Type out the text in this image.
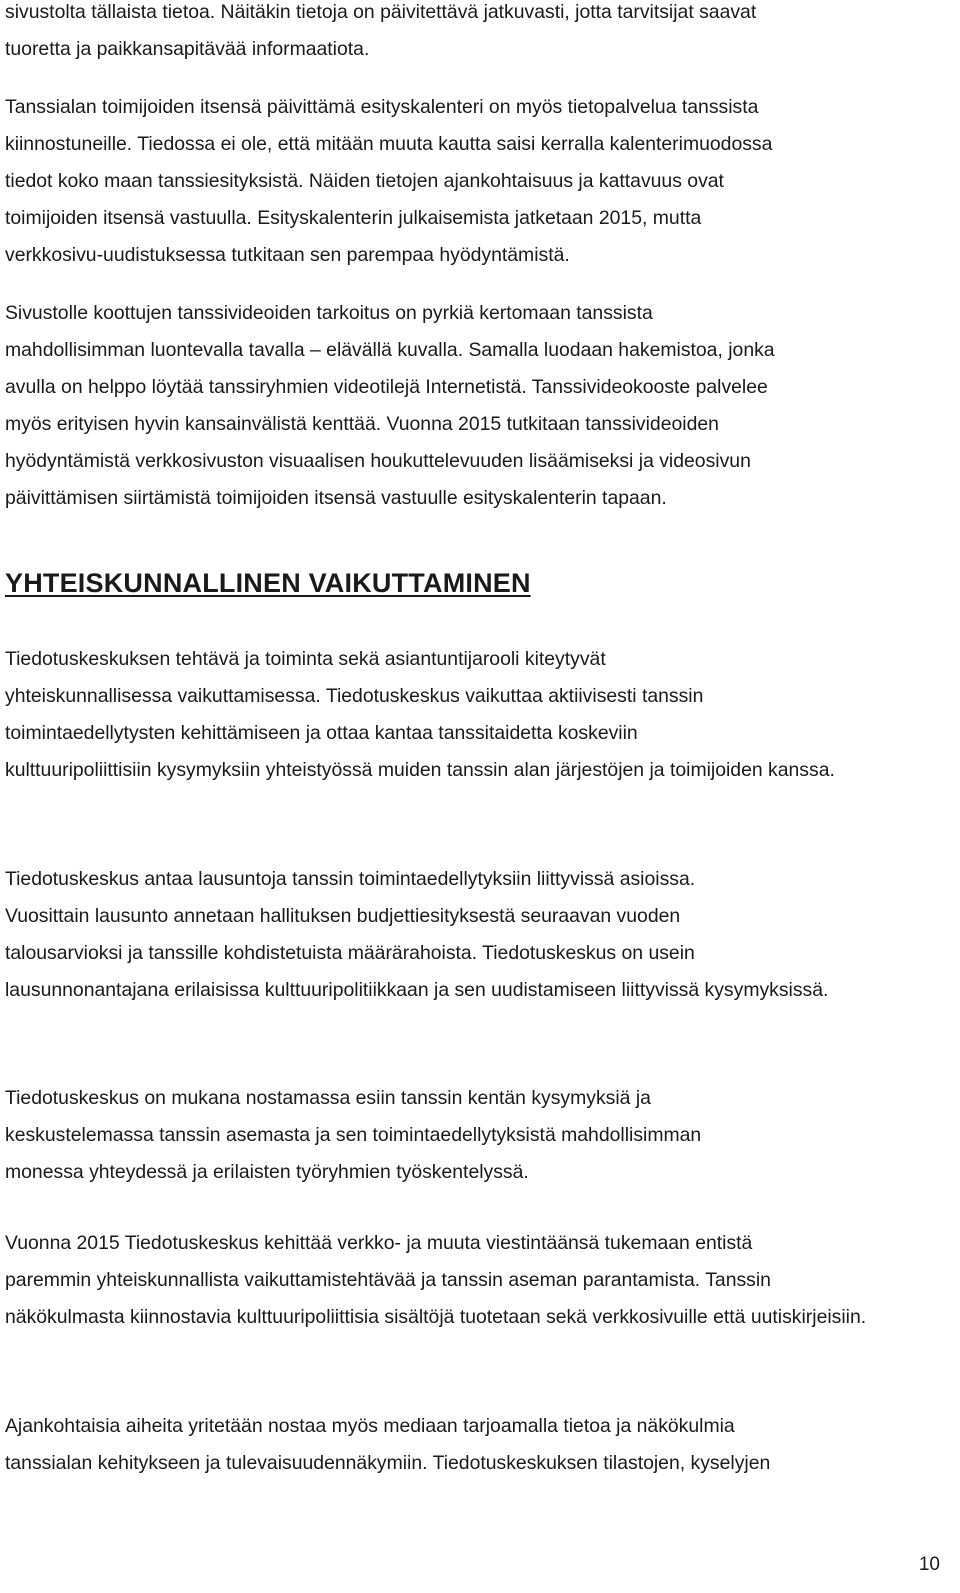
sivustolta tällaista tietoa. Näitäkin tietoja on päivitettävä jatkuvasti, jotta tarvitsijat saavat tuoretta ja paikkansapitävää informaatiota.

Tanssialan toimijoiden itsensä päivittämä esityskalenteri on myös tietopalvelua tanssista kiinnostuneille. Tiedossa ei ole, että mitään muuta kautta saisi kerralla kalenterimuodossa tiedot koko maan tanssiesityksistä. Näiden tietojen ajankohtaisuus ja kattavuus ovat toimijoiden itsensä vastuulla. Esityskalenterin julkaisemista jatketaan 2015, mutta verkkosivu-uudistuksessa tutkitaan sen parempaa hyödyntämistä.

Sivustolle koottujen tanssivideoiden tarkoitus on pyrkiä kertomaan tanssista mahdollisimman luontevalla tavalla – elävällä kuvalla. Samalla luodaan hakemistoa, jonka avulla on helppo löytää tanssiryhmien videotilejä Internetistä. Tanssivideokooste palvelee myös erityisen hyvin kansainvälistä kenttää. Vuonna 2015 tutkitaan tanssivideoiden hyödyntämistä verkkosivuston visuaalisen houkuttelevuuden lisäämiseksi ja videosivun päivittämisen siirtämistä toimijoiden itsensä vastuulle esityskalenterin tapaan.

YHTEISKUNNALLINEN VAIKUTTAMINEN

Tiedotuskeskuksen tehtävä ja toiminta sekä asiantuntijarooli kiteytyvät yhteiskunnallisessa vaikuttamisessa. Tiedotuskeskus vaikuttaa aktiivisesti tanssin toimintaedellytysten kehittämiseen ja ottaa kantaa tanssitaidetta koskeviin kulttuuripoliittisiin kysymyksiin yhteistyössä muiden tanssin alan järjestöjen ja toimijoiden kanssa.

Tiedotuskeskus antaa lausuntoja tanssin toimintaedellytyksiin liittyvissä asioissa. Vuosittain lausunto annetaan hallituksen budjettiesityksestä seuraavan vuoden talousarvioksi ja tanssille kohdistetuista määrärahoista. Tiedotuskeskus on usein lausunnonantajana erilaisissa kulttuuripolitiikkaan ja sen uudistamiseen liittyvissä kysymyksissä.

Tiedotuskeskus on mukana nostamassa esiin tanssin kentän kysymyksiä ja keskustelemassa tanssin asemasta ja sen toimintaedellytyksistä mahdollisimman monessa yhteydessä ja erilaisten työryhmien työskentelyssä.

Vuonna 2015 Tiedotuskeskus kehittää verkko- ja muuta viestintäänsä tukemaan entistä paremmin yhteiskunnallista vaikuttamistehtävää ja tanssin aseman parantamista. Tanssin näkökulmasta kiinnostavia kulttuuripoliittisia sisältöjä tuotetaan sekä verkkosivuille että uutiskirjeisiin.

Ajankohtaisia aiheita yritetään nostaa myös mediaan tarjoamalla tietoa ja näkökulmia tanssialan kehitykseen ja tulevaisuudennäkymiin. Tiedotuskeskuksen tilastojen, kyselyjen

10
